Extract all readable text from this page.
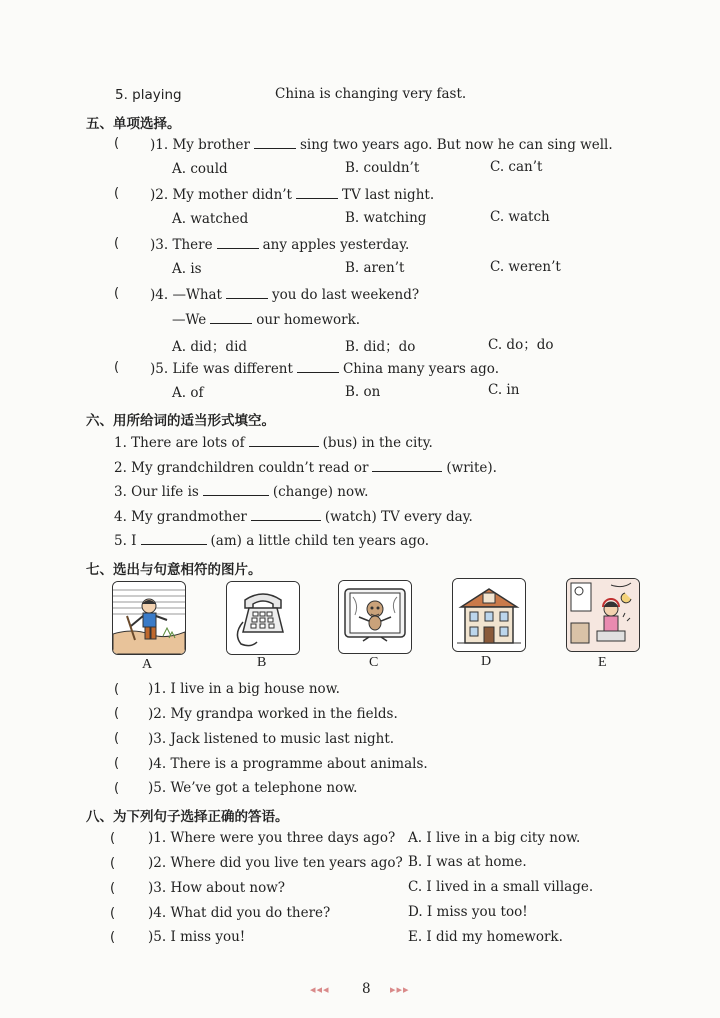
5. playing	China is changing very fast.
五、单项选择。
( )1. My brother	sing two years ago. But now he can sing well.
A. could	B. couldn’t	C. can’t
( )2. My mother didn’t	TV last night.
A. watched	B. watching	C. watch
( )3. There	any apples yesterday.
A. is	B. aren’t	C. weren’t
( )4. —What	you do last weekend?
—We	our homework.
A. did；did	B. did；do	C. do；do
( )5. Life was different	China many years ago.
A. of	B. on	C. in
六、用所给词的适当形式填空。
1. There are lots of	(bus) in the city.
2. My grandchildren couldn’t read or	(write).
3. Our life is	(change) now.
4. My grandmother	(watch) TV every day.
5. I	(am) a little child ten years ago.
七、选出与句意相符的图片。
A	B	C	D	E
( )1. I live in a big house now.
( )2. My grandpa worked in the fields.
( )3. Jack listened to music last night.
( )4. There is a programme about animals.
( )5. We’ve got a telephone now.
八、为下列句子选择正确的答语。
( )1. Where were you three days ago? A. I live in a big city now.
( )2. Where did you live ten years ago? B. I was at home.
( )3. How about now?	C. I lived in a small village.
( )4. What did you do there?	D. I miss you too!
( )5. I miss you!	E. I did my homework.
◂◂◂ 8 ▸▸▸
